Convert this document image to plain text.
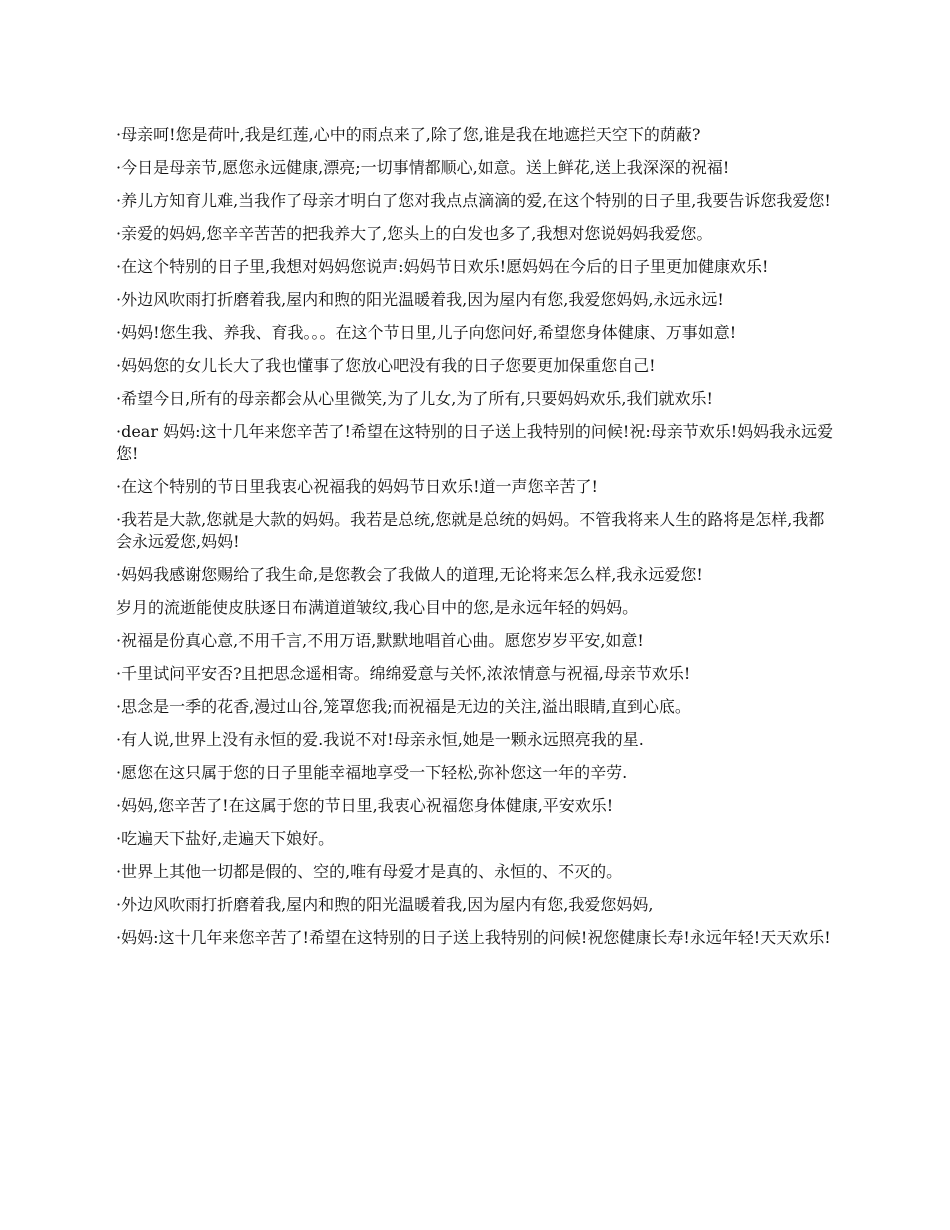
·母亲呵!您是荷叶,我是红莲,心中的雨点来了,除了您,谁是我在地遮拦天空下的荫蔽?

·今日是母亲节,愿您永远健康,漂亮;一切事情都顺心,如意。送上鲜花,送上我深深的祝福!

·养儿方知育儿难,当我作了母亲才明白了您对我点点滴滴的爱,在这个特别的日子里,我要告诉您我爱您!

·亲爱的妈妈,您辛辛苦苦的把我养大了,您头上的白发也多了,我想对您说妈妈我爱您。

·在这个特别的日子里,我想对妈妈您说声:妈妈节日欢乐!愿妈妈在今后的日子里更加健康欢乐!

·外边风吹雨打折磨着我,屋内和煦的阳光温暖着我,因为屋内有您,我爱您妈妈,永远永远!

·妈妈!您生我、养我、育我。。。在这个节日里,儿子向您问好,希望您身体健康、万事如意!

·妈妈您的女儿长大了我也懂事了您放心吧没有我的日子您要更加保重您自己!

·希望今日,所有的母亲都会从心里微笑,为了儿女,为了所有,只要妈妈欢乐,我们就欢乐!

·dear 妈妈:这十几年来您辛苦了!希望在这特别的日子送上我特别的问候!祝:母亲节欢乐!妈妈我永远爱您!

·在这个特别的节日里我衷心祝福我的妈妈节日欢乐!道一声您辛苦了!

·我若是大款,您就是大款的妈妈。我若是总统,您就是总统的妈妈。不管我将来人生的路将是怎样,我都会永远爱您,妈妈!

·妈妈我感谢您赐给了我生命,是您教会了我做人的道理,无论将来怎么样,我永远爱您!

岁月的流逝能使皮肤逐日布满道道皱纹,我心目中的您,是永远年轻的妈妈。

·祝福是份真心意,不用千言,不用万语,默默地唱首心曲。愿您岁岁平安,如意!

·千里试问平安否?且把思念遥相寄。绵绵爱意与关怀,浓浓情意与祝福,母亲节欢乐!

·思念是一季的花香,漫过山谷,笼罩您我;而祝福是无边的关注,溢出眼睛,直到心底。

·有人说,世界上没有永恒的爱.我说不对!母亲永恒,她是一颗永远照亮我的星.

·愿您在这只属于您的日子里能幸福地享受一下轻松,弥补您这一年的辛劳.

·妈妈,您辛苦了!在这属于您的节日里,我衷心祝福您身体健康,平安欢乐!

·吃遍天下盐好,走遍天下娘好。

·世界上其他一切都是假的、空的,唯有母爱才是真的、永恒的、不灭的。

·外边风吹雨打折磨着我,屋内和煦的阳光温暖着我,因为屋内有您,我爱您妈妈,

·妈妈:这十几年来您辛苦了!希望在这特别的日子送上我特别的问候!祝您健康长寿!永远年轻!天天欢乐!
